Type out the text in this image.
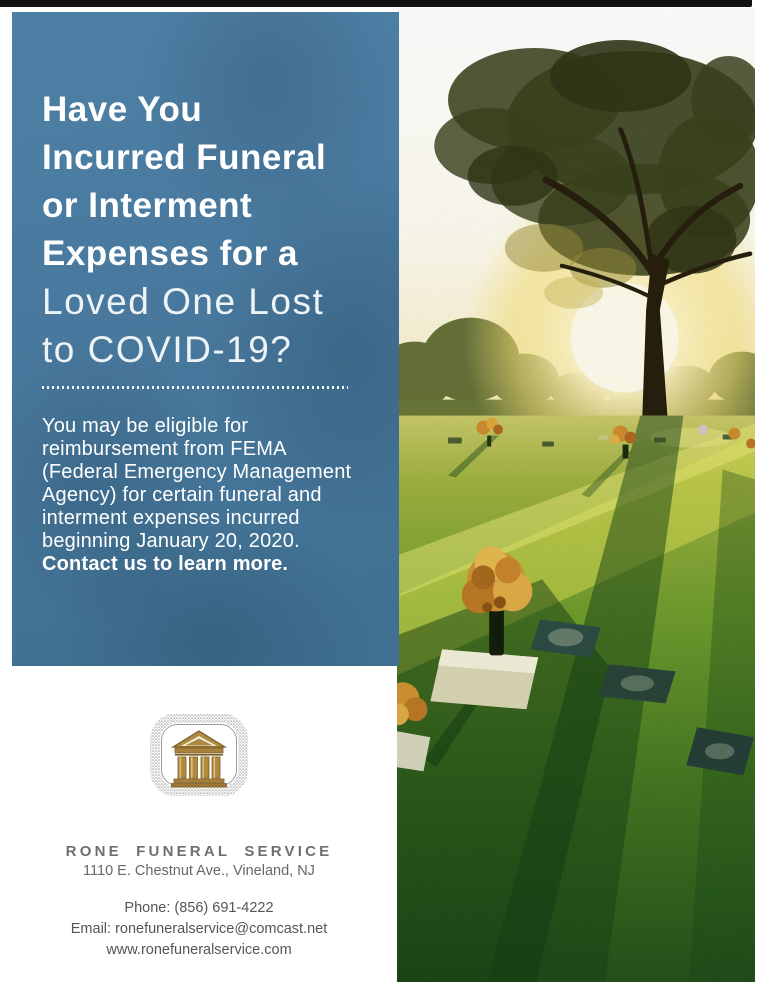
Have You
Incurred Funeral
or Interment
Expenses for a
Loved One Lost
to COVID-19?
You may be eligible for
reimbursement from FEMA
(Federal Emergency Management
Agency) for certain funeral and
interment expenses incurred
beginning January 20, 2020.
Contact us to learn more.
RONE FUNERAL SERVICE
1110 E. Chestnut Ave., Vineland, NJ
Phone: (856) 691-4222
Email: ronefuneralservice@comcast.net
www.ronefuneralservice.com
